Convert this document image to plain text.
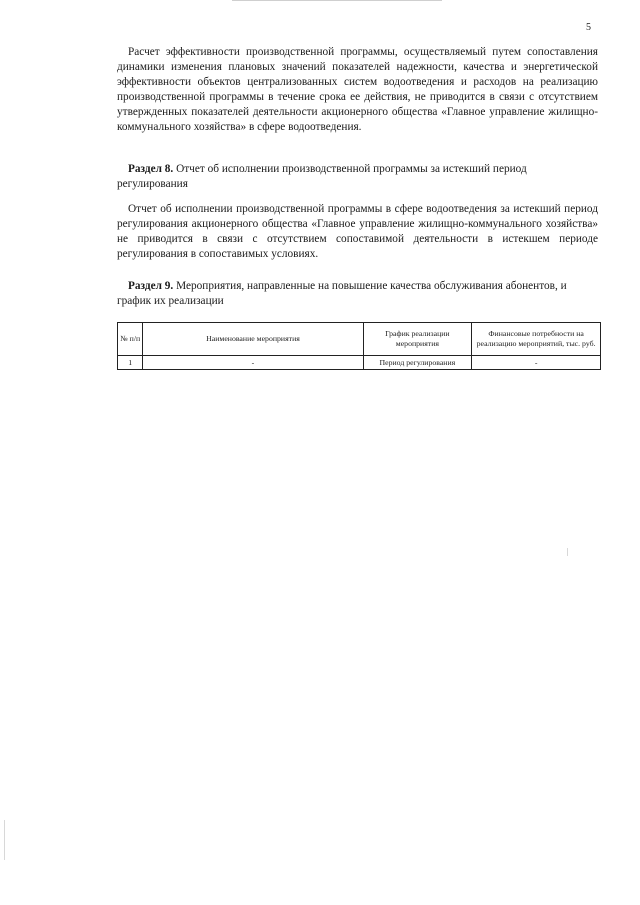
5

Расчет эффективности производственной программы, осуществляемый путем сопоставления динамики изменения плановых значений показателей надежности, качества и энергетической эффективности объектов централизованных систем водоотведения и расходов на реализацию производственной программы в течение срока ее действия, не приводится в связи с отсутствием утвержденных показателей деятельности акционерного общества «Главное управление жилищно-коммунального хозяйства» в сфере водоотведения.

Раздел 8. Отчет об исполнении производственной программы за истекший период регулирования

Отчет об исполнении производственной программы в сфере водоотведения за истекший период регулирования акционерного общества «Главное управление жилищно-коммунального хозяйства» не приводится в связи с отсутствием сопоставимой деятельности в истекшем периоде регулирования в сопоставимых условиях.

Раздел 9. Мероприятия, направленные на повышение качества обслуживания абонентов, и график их реализации

№ п/п	Наименование мероприятия	График реализации мероприятия	Финансовые потребности на реализацию мероприятий, тыс. руб.
1	-	Период регулирования	-
